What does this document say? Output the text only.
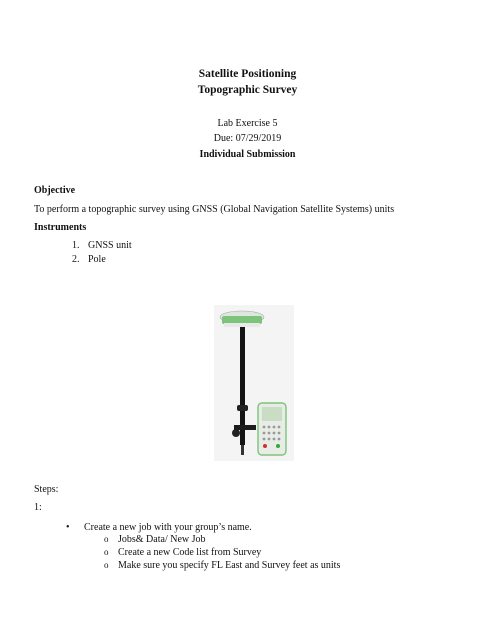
Satellite Positioning
Topographic Survey
Lab Exercise 5
Due: 07/29/2019
Individual Submission
Objective
To perform a topographic survey using GNSS (Global Navigation Satellite Systems) units
Instruments
1. GNSS unit
2. Pole
Steps:
1:
• Create a new job with your group’s name.
o Jobs& Data/ New Job
o Create a new Code list from Survey
o Make sure you specify FL East and Survey feet as units
